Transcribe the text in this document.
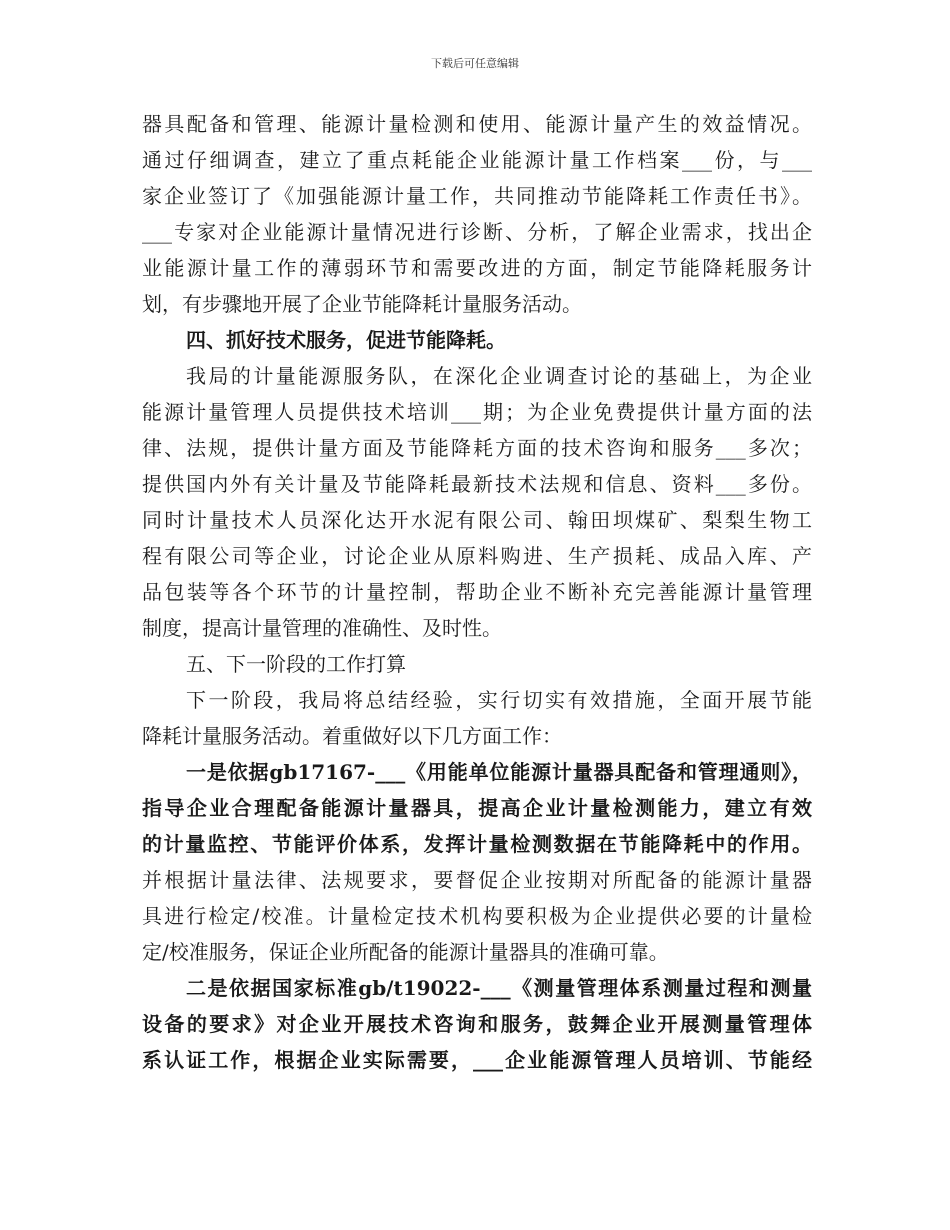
下载后可任意编辑
器具配备和管理、能源计量检测和使用、能源计量产生的效益情况。
通过仔细调查，建立了重点耗能企业能源计量工作档案___份，与___
家企业签订了《加强能源计量工作，共同推动节能降耗工作责任书》。
___专家对企业能源计量情况进行诊断、分析，了解企业需求，找出企
业能源计量工作的薄弱环节和需要改进的方面，制定节能降耗服务计
划，有步骤地开展了企业节能降耗计量服务活动。
四、抓好技术服务，促进节能降耗。
我局的计量能源服务队，在深化企业调查讨论的基础上，为企业
能源计量管理人员提供技术培训___期；为企业免费提供计量方面的法
律、法规，提供计量方面及节能降耗方面的技术咨询和服务___多次；
提供国内外有关计量及节能降耗最新技术法规和信息、资料___多份。
同时计量技术人员深化达开水泥有限公司、翰田坝煤矿、梨梨生物工
程有限公司等企业，讨论企业从原料购进、生产损耗、成品入库、产
品包装等各个环节的计量控制，帮助企业不断补充完善能源计量管理
制度，提高计量管理的准确性、及时性。
五、下一阶段的工作打算
下一阶段，我局将总结经验，实行切实有效措施，全面开展节能
降耗计量服务活动。着重做好以下几方面工作：
一是依据gb17167-___《用能单位能源计量器具配备和管理通则》，
指导企业合理配备能源计量器具，提高企业计量检测能力，建立有效
的计量监控、节能评价体系，发挥计量检测数据在节能降耗中的作用。
并根据计量法律、法规要求，要督促企业按期对所配备的能源计量器
具进行检定/校准。计量检定技术机构要积极为企业提供必要的计量检
定/校准服务，保证企业所配备的能源计量器具的准确可靠。
二是依据国家标准gb/t19022-___《测量管理体系测量过程和测量
设备的要求》对企业开展技术咨询和服务，鼓舞企业开展测量管理体
系认证工作，根据企业实际需要，___企业能源管理人员培训、节能经
